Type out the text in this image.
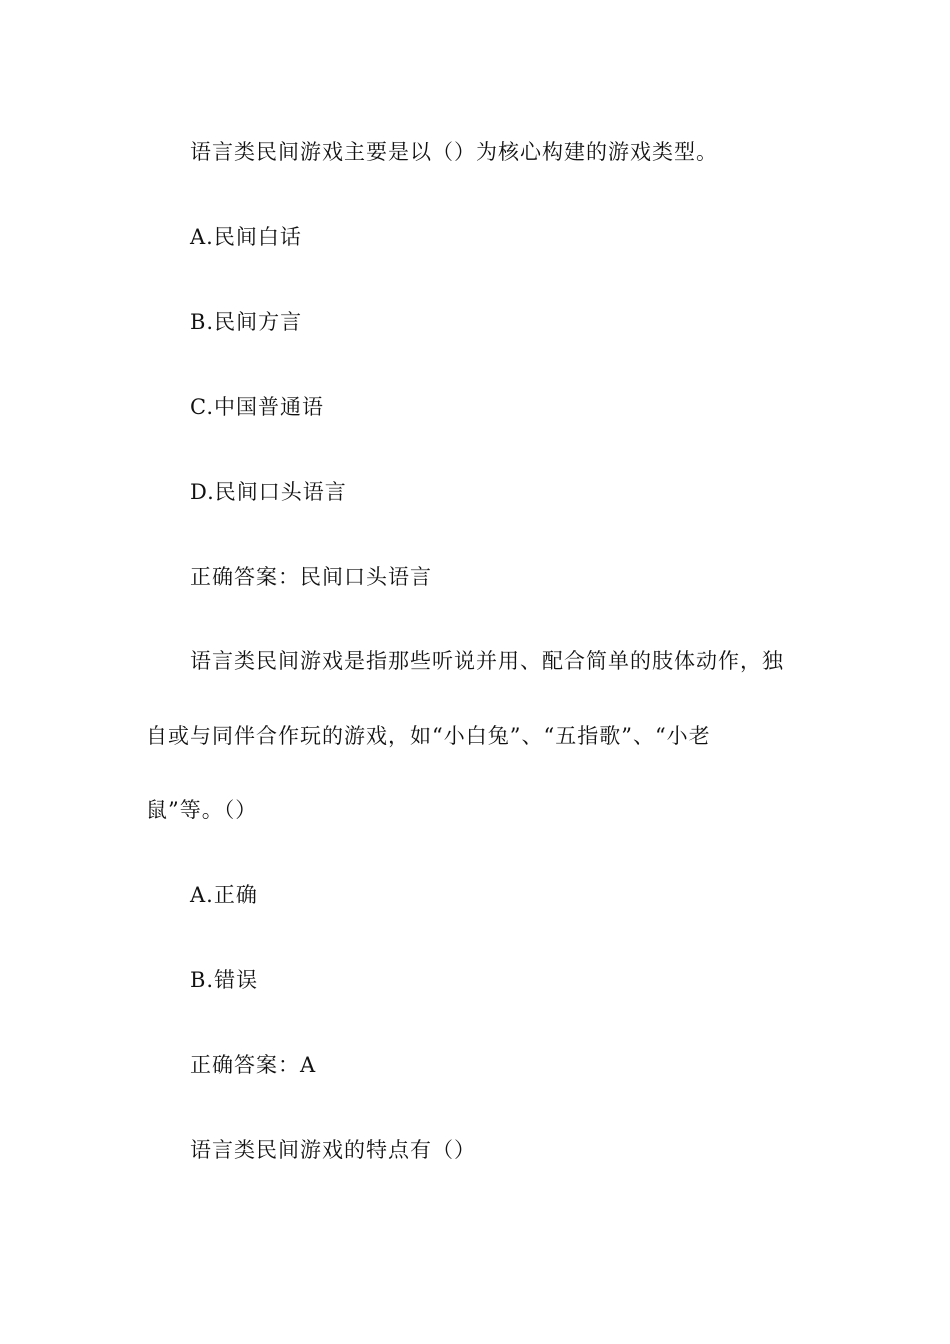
语言类民间游戏主要是以（）为核心构建的游戏类型。
A.民间白话
B.民间方言
C.中国普通语
D.民间口头语言
正确答案：民间口头语言
语言类民间游戏是指那些听说并用、配合简单的肢体动作，独
自或与同伴合作玩的游戏，如“小白兔”、“五指歌”、“小老
鼠”等。（）
A.正确
B.错误
正确答案：A
语言类民间游戏的特点有（）
